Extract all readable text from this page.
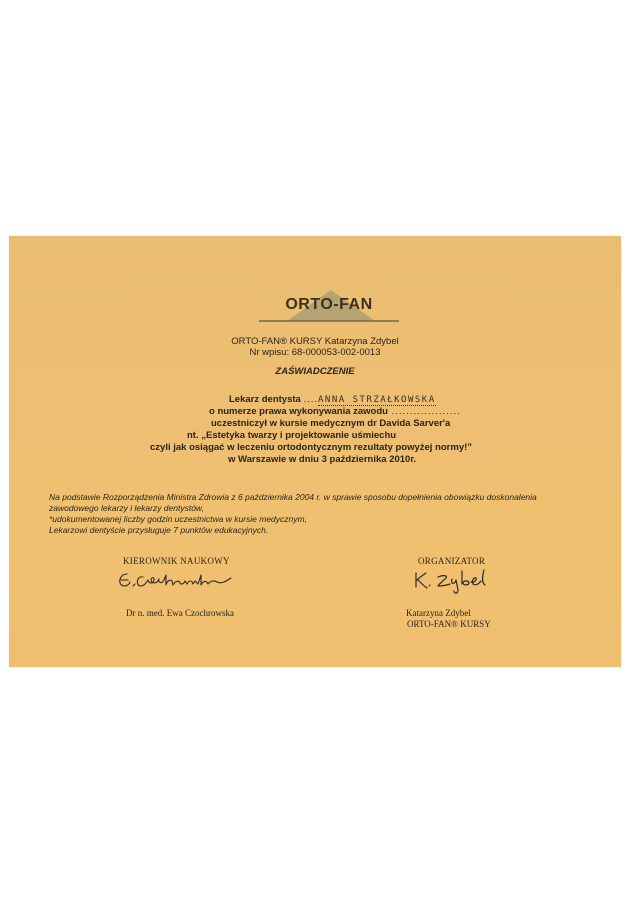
ORTO-FAN
ORTO-FAN® KURSY Katarzyna Zdybel
Nr wpisu: 68-000053-002-0013
ZAŚWIADCZENIE
Lekarz dentysta ....ANNA STRZAŁKOWSKA
o numerze prawa wykonywania zawodu ...................
uczestniczył w kursie medycznym dr Davida Sarver'a
nt. „Estetyka twarzy i projektowanie uśmiechu
czyli jak osiągać w leczeniu ortodontycznym rezultaty powyżej normy!”
w Warszawie w dniu 3 października 2010r.
Na podstawie Rozporządzenia Ministra Zdrowia z 6 października 2004 r. w sprawie sposobu dopełnienia obowiązku doskonalenia
zawodowego lekarzy i lekarzy dentystów,
*udokumentowanej liczby godzin uczestnictwa w kursie medycznym,
Lekarzowi dentyście przysługuje 7 punktów edukacyjnych.
KIEROWNIK NAUKOWY
Dr n. med. Ewa Czochrowska
ORGANIZATOR
Katarzyna Zdybel
ORTO-FAN® KURSY
